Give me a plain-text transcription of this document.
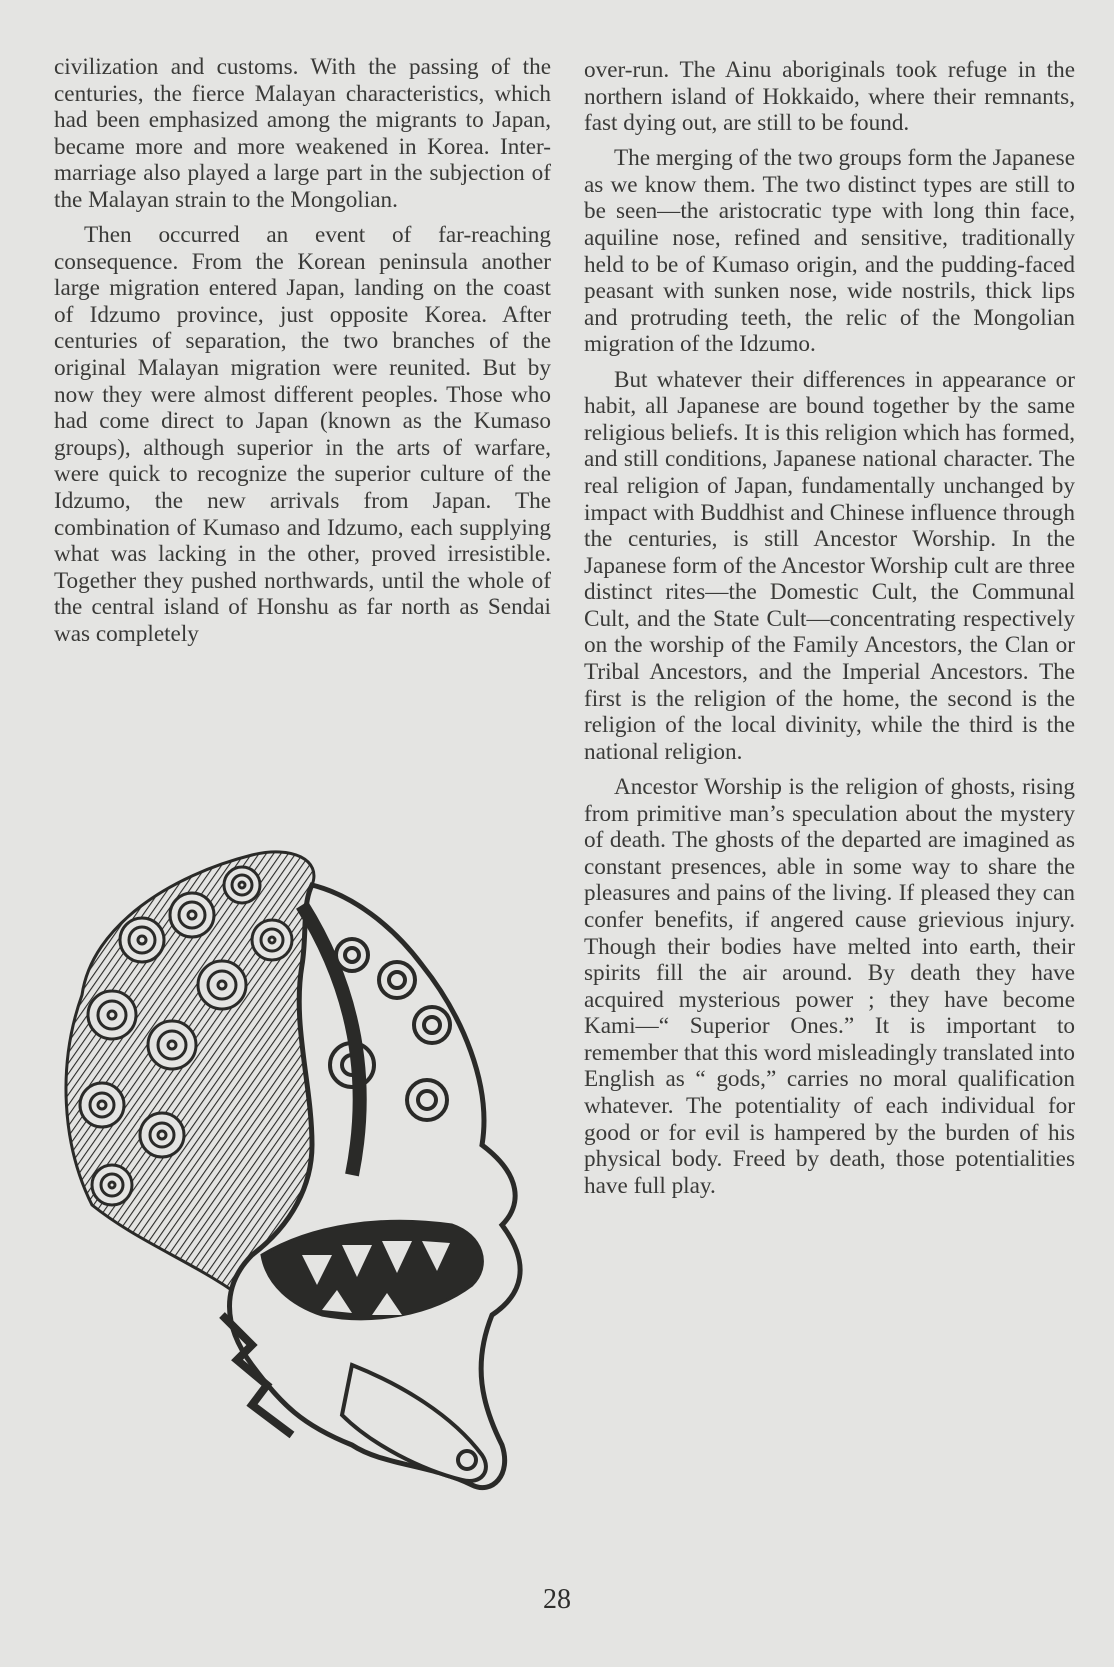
civilization and customs. With the passing of the centuries, the fierce Malayan characteristics, which had been emphasized among the migrants to Japan, became more and more weakened in Korea. Inter-marriage also played a large part in the subjection of the Malayan strain to the Mongolian.

Then occurred an event of far-reaching consequence. From the Korean peninsula another large migration entered Japan, landing on the coast of Idzumo province, just opposite Korea. After centuries of separation, the two branches of the original Malayan migration were reunited. But by now they were almost different peoples. Those who had come direct to Japan (known as the Kumaso groups), although superior in the arts of warfare, were quick to recognize the superior culture of the Idzumo, the new arrivals from Japan. The combination of Kumaso and Idzumo, each supplying what was lacking in the other, proved irresistible. Together they pushed northwards, until the whole of the central island of Honshu as far north as Sendai was completely

over-run. The Ainu aboriginals took refuge in the northern island of Hokkaido, where their remnants, fast dying out, are still to be found.

The merging of the two groups form the Japanese as we know them. The two distinct types are still to be seen—the aristocratic type with long thin face, aquiline nose, refined and sensitive, traditionally held to be of Kumaso origin, and the pudding-faced peasant with sunken nose, wide nostrils, thick lips and protruding teeth, the relic of the Mongolian migration of the Idzumo.

But whatever their differences in appearance or habit, all Japanese are bound together by the same religious beliefs. It is this religion which has formed, and still conditions, Japanese national character. The real religion of Japan, fundamentally unchanged by impact with Buddhist and Chinese influence through the centuries, is still Ancestor Worship. In the Japanese form of the Ancestor Worship cult are three distinct rites—the Domestic Cult, the Communal Cult, and the State Cult—concentrating respectively on the worship of the Family Ancestors, the Clan or Tribal Ancestors, and the Imperial Ancestors. The first is the religion of the home, the second is the religion of the local divinity, while the third is the national religion.

Ancestor Worship is the religion of ghosts, rising from primitive man’s speculation about the mystery of death. The ghosts of the departed are imagined as constant presences, able in some way to share the pleasures and pains of the living. If pleased they can confer benefits, if angered cause grievious injury. Though their bodies have melted into earth, their spirits fill the air around. By death they have acquired mysterious power ; they have become Kami—“ Superior Ones.” It is important to remember that this word misleadingly translated into English as “ gods,” carries no moral qualification whatever. The potentiality of each individual for good or for evil is hampered by the burden of his physical body. Freed by death, those potentialities have full play.

28
